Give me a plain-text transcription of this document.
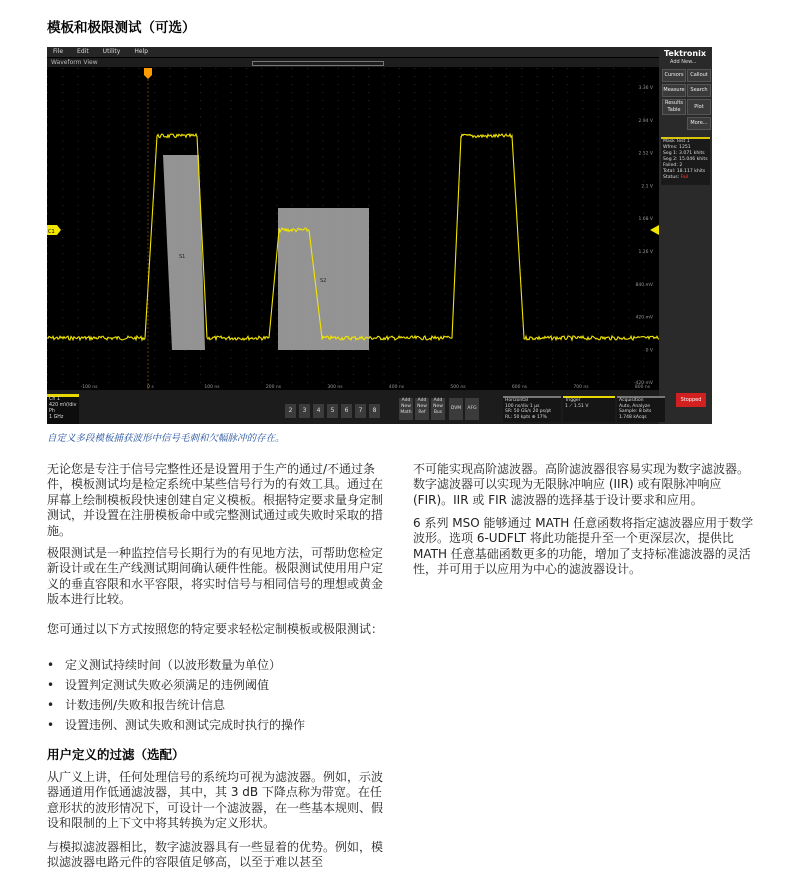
模板和极限测试（可选）
File Edit Utility Help
Waveform View
S1
S2
3.36 V
2.94 V
2.52 V
2.1 V
1.68 V
1.26 V
840 mV
420 mV
0 V
-420 mV
-100 ns	0 s	100 ns	200 ns	300 ns	400 ns	500 ns	600 ns	700 ns	800 ns
C1
Tektronix
Add New...
Cursors	Callout
Measure	Search
Results Table	Plot
More...
Mask Test 1
Wfms: 1251
Seg 1: 3.071 khits
Seg 2: 15.046 khits
Failed: 2
Total: 18.117 khits
Status: Fail
Ch 1
420 mV/div
Ph
1 GHz
2	3	4	5	6	7	8
Add New Math
Add New Ref
Add New Bus
DVM	AFG
Horizontal
100 ns/div 1 μs
SR: 50 GS/s 20 ps/pt
RL: 50 kpts ⊕ 17%
Trigger
1 ⟋ 1.51 V
Acquisition
Auto, Analyze
Sample: 8 bits
1.748 kAcqs
Stopped
自定义多段模板捕获波形中信号毛刺和欠幅脉冲的存在。

无论您是专注于信号完整性还是设置用于生产的通过/不通过条件，模板测试均是检定系统中某些信号行为的有效工具。通过在屏幕上绘制模板段快速创建自定义模板。根据特定要求量身定制测试，并设置在注册模板命中或完整测试通过或失败时采取的措施。

极限测试是一种监控信号长期行为的有见地方法，可帮助您检定新设计或在生产线测试期间确认硬件性能。极限测试使用用户定义的垂直容限和水平容限，将实时信号与相同信号的理想或黄金版本进行比较。

您可通过以下方式按照您的特定要求轻松定制模板或极限测试：

• 定义测试持续时间（以波形数量为单位）
• 设置判定测试失败必须满足的违例阈值
• 计数违例/失败和报告统计信息
• 设置违例、测试失败和测试完成时执行的操作
用户定义的过滤（选配）

从广义上讲，任何处理信号的系统均可视为滤波器。例如，示波器通道用作低通滤波器，其中，其 3 dB 下降点称为带宽。在任意形状的波形情况下，可设计一个滤波器，在一些基本规则、假设和限制的上下文中将其转换为定义形状。

与模拟滤波器相比，数字滤波器具有一些显着的优势。例如，模拟滤波器电路元件的容限值足够高，以至于难以甚至

不可能实现高阶滤波器。高阶滤波器很容易实现为数字滤波器。数字滤波器可以实现为无限脉冲响应 (IIR) 或有限脉冲响应 (FIR)。IIR 或 FIR 滤波器的选择基于设计要求和应用。

6 系列 MSO 能够通过 MATH 任意函数将指定滤波器应用于数学波形。选项 6-UDFLT 将此功能提升至一个更深层次，提供比 MATH 任意基础函数更多的功能，增加了支持标准滤波器的灵活性，并可用于以应用为中心的滤波器设计。
